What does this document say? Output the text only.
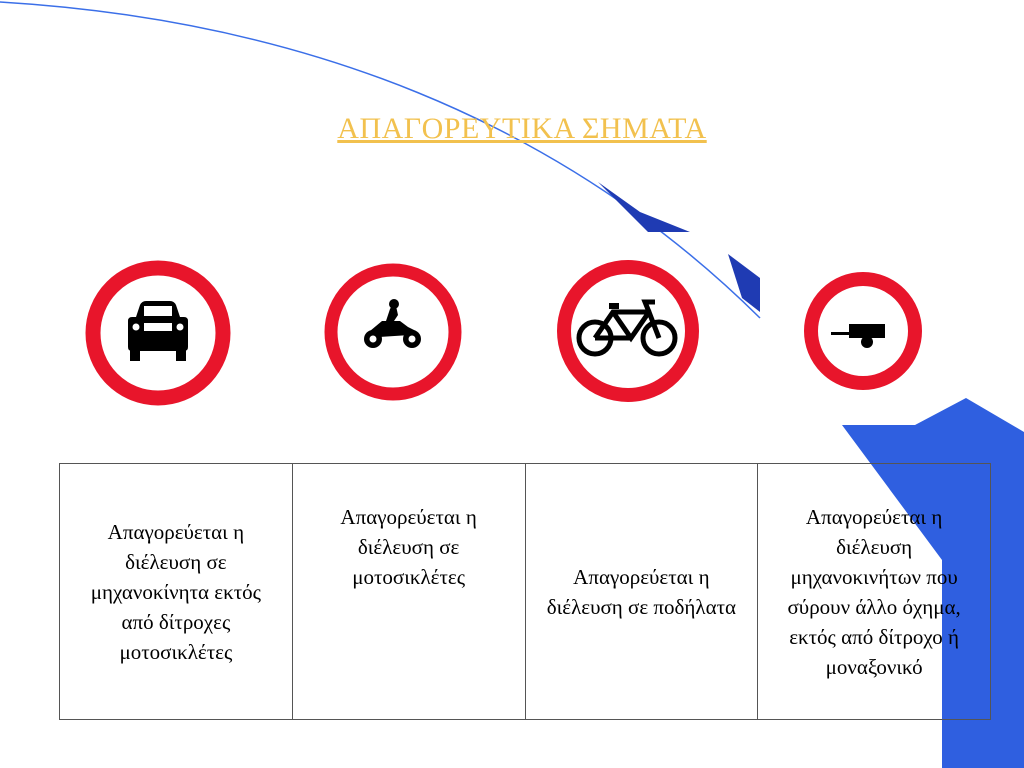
ΑΠΑΓΟΡΕΥΤΙΚΑ ΣΗΜΑΤΑ
Απαγορεύεται η διέλευση σε μηχανοκίνητα εκτός από δίτροχες μοτοσικλέτες	Απαγορεύεται η διέλευση σε μοτοσικλέτες	Απαγορεύεται η διέλευση σε ποδήλατα	Απαγορεύεται η διέλευση μηχανοκινήτων που σύρουν άλλο όχημα, εκτός από δίτροχο ή μοναξονικό
